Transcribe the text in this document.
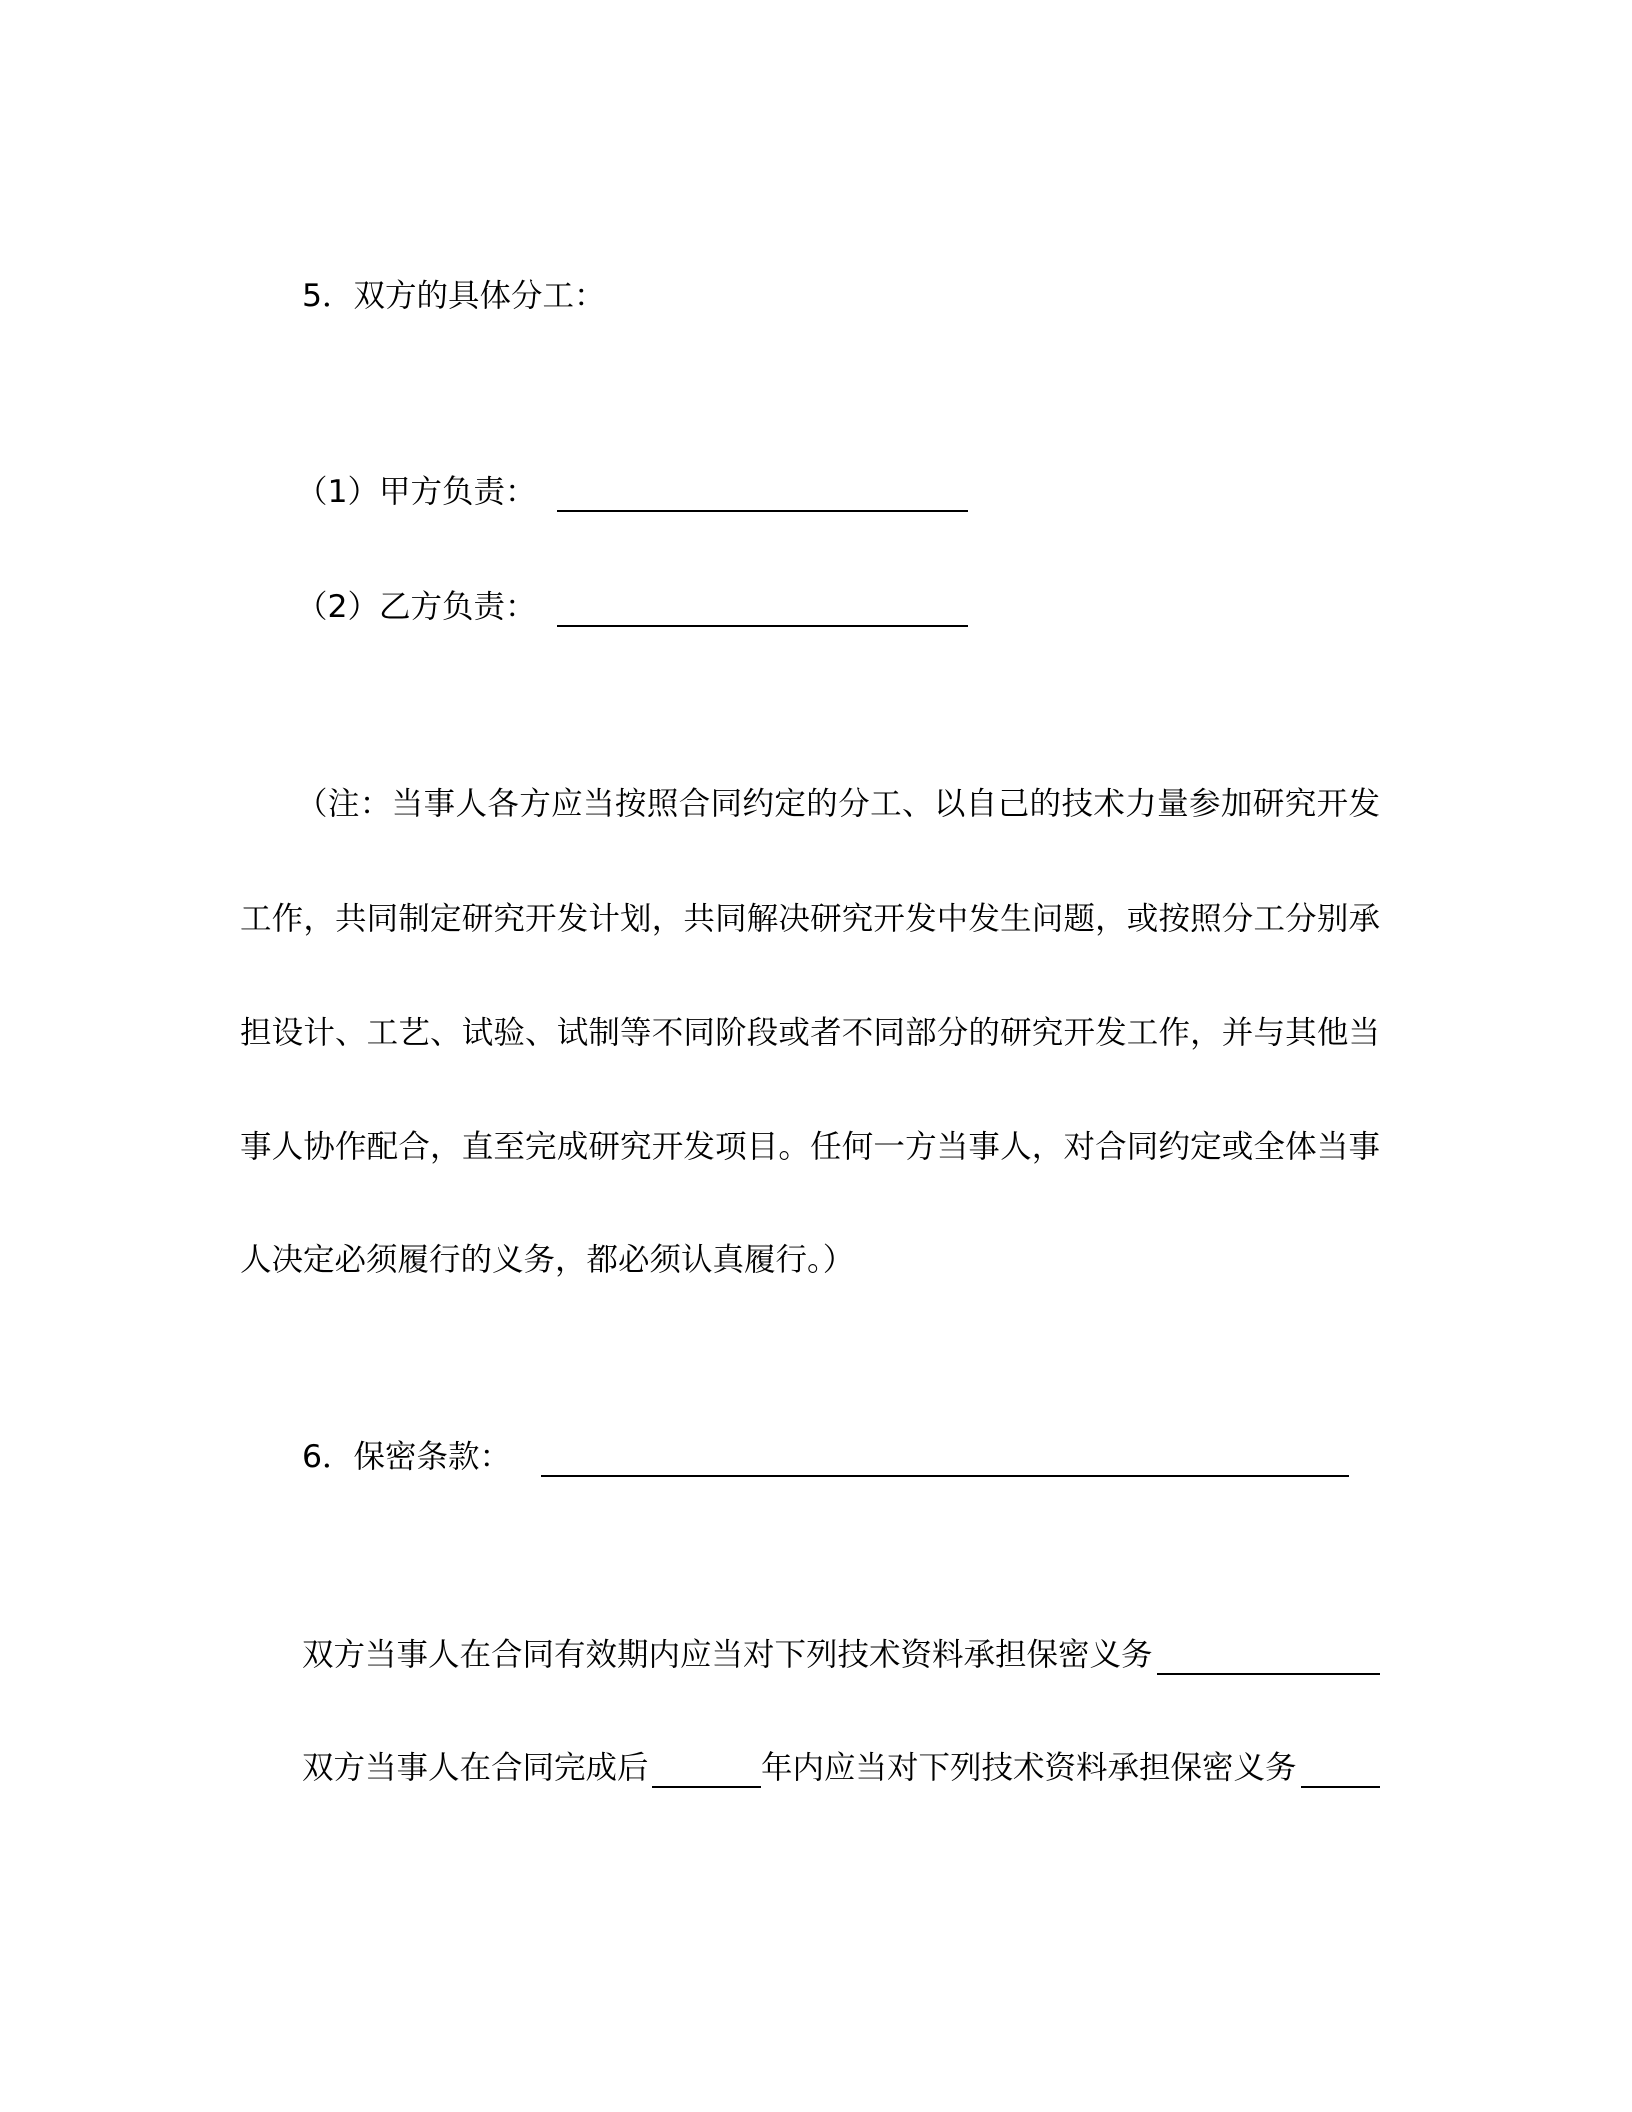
5．双方的具体分工：
（1）甲方负责：
（2）乙方负责：
（注：当事人各方应当按照合同约定的分工、以自己的技术力量参加研究开发
工作，共同制定研究开发计划，共同解决研究开发中发生问题，或按照分工分别承
担设计、工艺、试验、试制等不同阶段或者不同部分的研究开发工作，并与其他当
事人协作配合，直至完成研究开发项目。任何一方当事人，对合同约定或全体当事
人决定必须履行的义务，都必须认真履行。）
6．保密条款：
双方当事人在合同有效期内应当对下列技术资料承担保密义务
双方当事人在合同完成后	年内应当对下列技术资料承担保密义务
